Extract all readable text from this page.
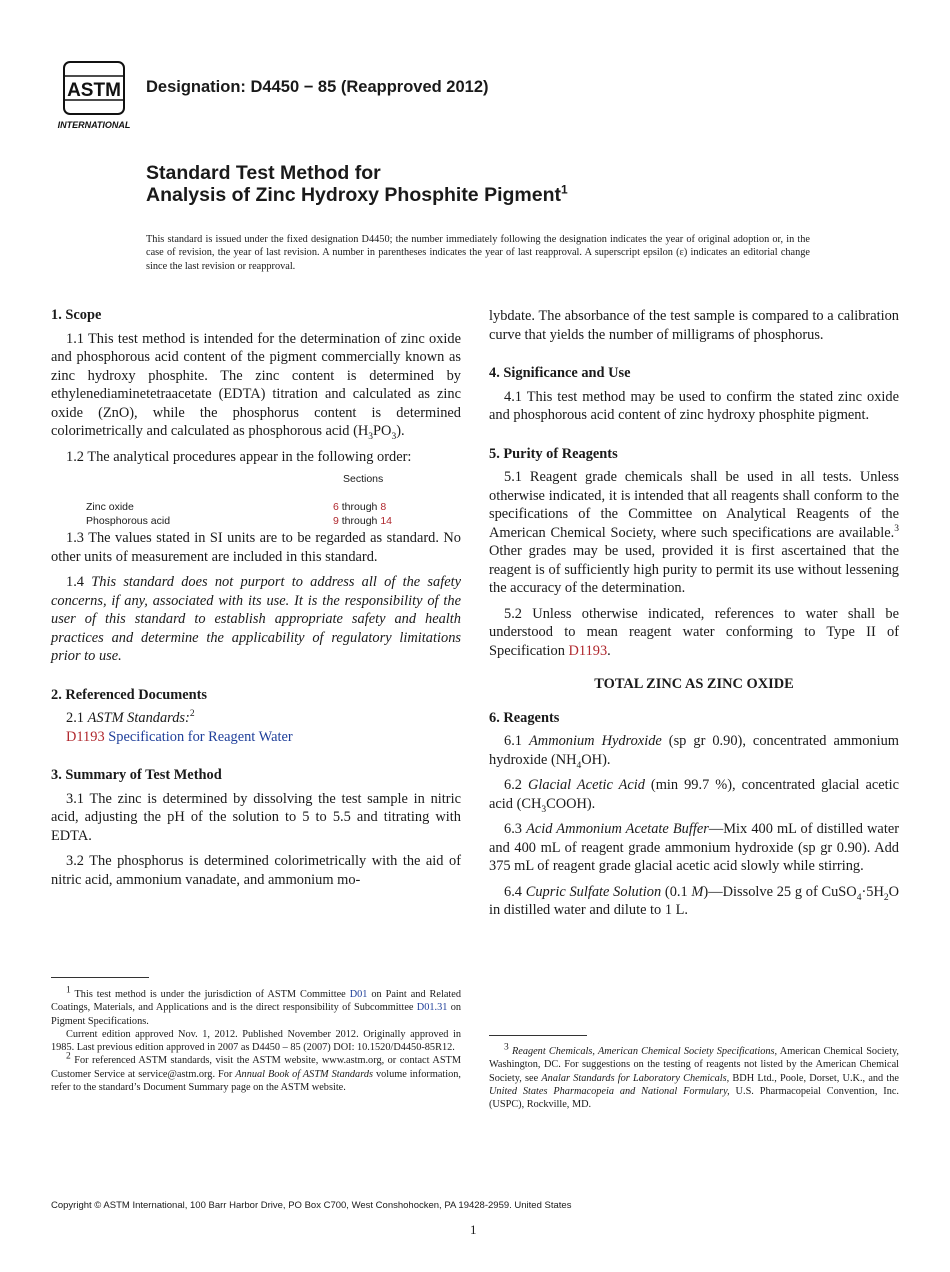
ASTM
INTERNATIONAL
Designation: D4450 − 85 (Reapproved 2012)
Standard Test Method for
Analysis of Zinc Hydroxy Phosphite Pigment$^1$
This standard is issued under the fixed designation D4450; the number immediately following the designation indicates the year of original adoption or, in the case of revision, the year of last revision. A number in parentheses indicates the year of last reapproval. A superscript epsilon (ε) indicates an editorial change since the last revision or reapproval.

1. Scope

1.1 This test method is intended for the determination of zinc oxide and phosphorous acid content of the pigment commercially known as zinc hydroxy phosphite. The zinc content is determined by ethylenediaminetetraacetate (EDTA) titration and calculated as zinc oxide (ZnO), while the phosphorus content is determined colorimetrically and calculated as phosphorous acid $(H_3PO_3)$.

1.2 The analytical procedures appear in the following order:

Sections
Zinc oxide	6 through 8
Phosphorous acid	9 through 14

1.3 The values stated in SI units are to be regarded as standard. No other units of measurement are included in this standard.

1.4 This standard does not purport to address all of the safety concerns, if any, associated with its use. It is the responsibility of the user of this standard to establish appropriate safety and health practices and determine the applicability of regulatory limitations prior to use.

2. Referenced Documents

2.1 ASTM Standards:$^2$

D1193 Specification for Reagent Water

3. Summary of Test Method

3.1 The zinc is determined by dissolving the test sample in nitric acid, adjusting the pH of the solution to 5 to 5.5 and titrating with EDTA.

3.2 The phosphorus is determined colorimetrically with the aid of nitric acid, ammonium vanadate, and ammonium mo-

$^1$ This test method is under the jurisdiction of ASTM Committee D01 on Paint and Related Coatings, Materials, and Applications and is the direct responsibility of Subcommittee D01.31 on Pigment Specifications.

Current edition approved Nov. 1, 2012. Published November 2012. Originally approved in 1985. Last previous edition approved in 2007 as D4450 – 85 (2007) DOI: 10.1520/D4450-85R12.

$^2$ For referenced ASTM standards, visit the ASTM website, www.astm.org, or contact ASTM Customer Service at service@astm.org. For Annual Book of ASTM Standards volume information, refer to the standard’s Document Summary page on the ASTM website.

lybdate. The absorbance of the test sample is compared to a calibration curve that yields the number of milligrams of phosphorus.

4. Significance and Use

4.1 This test method may be used to confirm the stated zinc oxide and phosphorous acid content of zinc hydroxy phosphite pigment.

5. Purity of Reagents

5.1 Reagent grade chemicals shall be used in all tests. Unless otherwise indicated, it is intended that all reagents shall conform to the specifications of the Committee on Analytical Reagents of the American Chemical Society, where such specifications are available.$^3$ Other grades may be used, provided it is first ascertained that the reagent is of sufficiently high purity to permit its use without lessening the accuracy of the determination.

5.2 Unless otherwise indicated, references to water shall be understood to mean reagent water conforming to Type II of Specification D1193.

TOTAL ZINC AS ZINC OXIDE

6. Reagents

6.1 Ammonium Hydroxide (sp gr 0.90), concentrated ammonium hydroxide $(NH_4OH)$.

6.2 Glacial Acetic Acid (min 99.7 %), concentrated glacial acetic acid $(CH_3COOH)$.

6.3 Acid Ammonium Acetate Buffer—Mix 400 mL of distilled water and 400 mL of reagent grade ammonium hydroxide (sp gr 0.90). Add 375 mL of reagent grade glacial acetic acid slowly while stirring.

6.4 Cupric Sulfate Solution (0.1 M)—Dissolve 25 g of $CuSO_4\cdot 5H_2O$ in distilled water and dilute to 1 L.

$^3$ Reagent Chemicals, American Chemical Society Specifications, American Chemical Society, Washington, DC. For suggestions on the testing of reagents not listed by the American Chemical Society, see Analar Standards for Laboratory Chemicals, BDH Ltd., Poole, Dorset, U.K., and the United States Pharmacopeia and National Formulary, U.S. Pharmacopeial Convention, Inc. (USPC), Rockville, MD.

Copyright © ASTM International, 100 Barr Harbor Drive, PO Box C700, West Conshohocken, PA 19428-2959. United States
1
